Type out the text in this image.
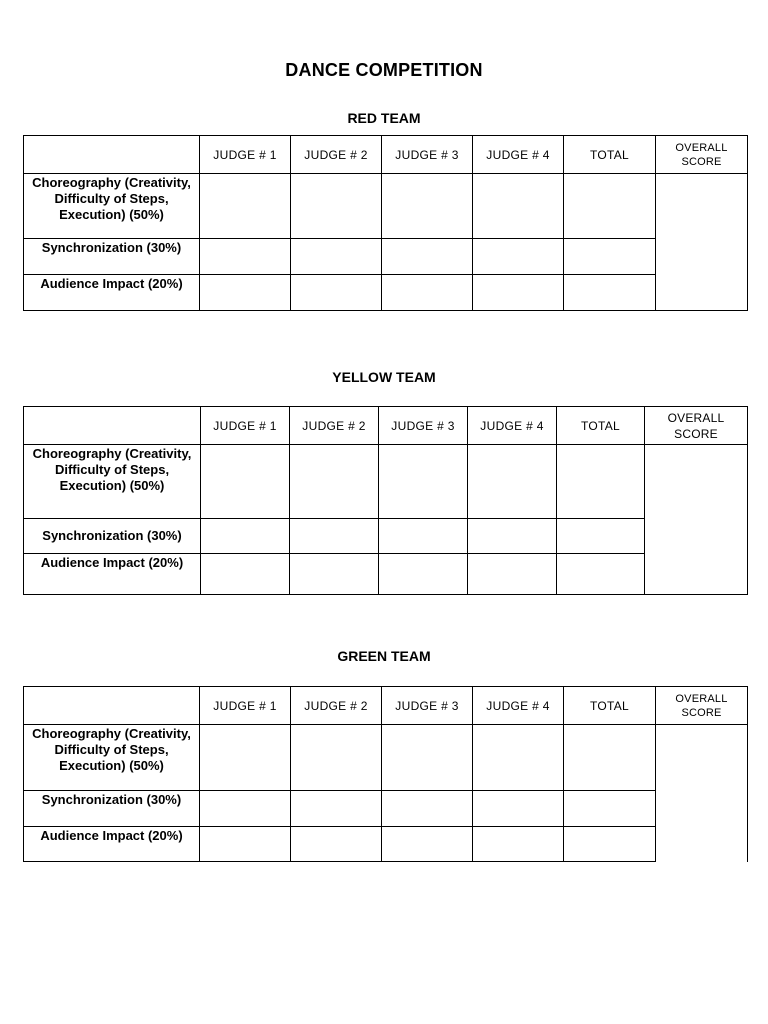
DANCE COMPETITION
RED TEAM
	JUDGE # 1	JUDGE # 2	JUDGE # 3	JUDGE # 4	TOTAL	OVERALL
SCORE
Choreography (Creativity, Difficulty of Steps, Execution) (50%)						
Synchronization (30%)						
Audience Impact (20%)						
YELLOW TEAM
	JUDGE # 1	JUDGE # 2	JUDGE # 3	JUDGE # 4	TOTAL	OVERALL
SCORE
Choreography (Creativity, Difficulty of Steps, Execution) (50%)						
Synchronization (30%)						
Audience Impact (20%)						
GREEN TEAM
	JUDGE # 1	JUDGE # 2	JUDGE # 3	JUDGE # 4	TOTAL	OVERALL
SCORE
Choreography (Creativity, Difficulty of Steps, Execution) (50%)						
Synchronization (30%)						
Audience Impact (20%)						
